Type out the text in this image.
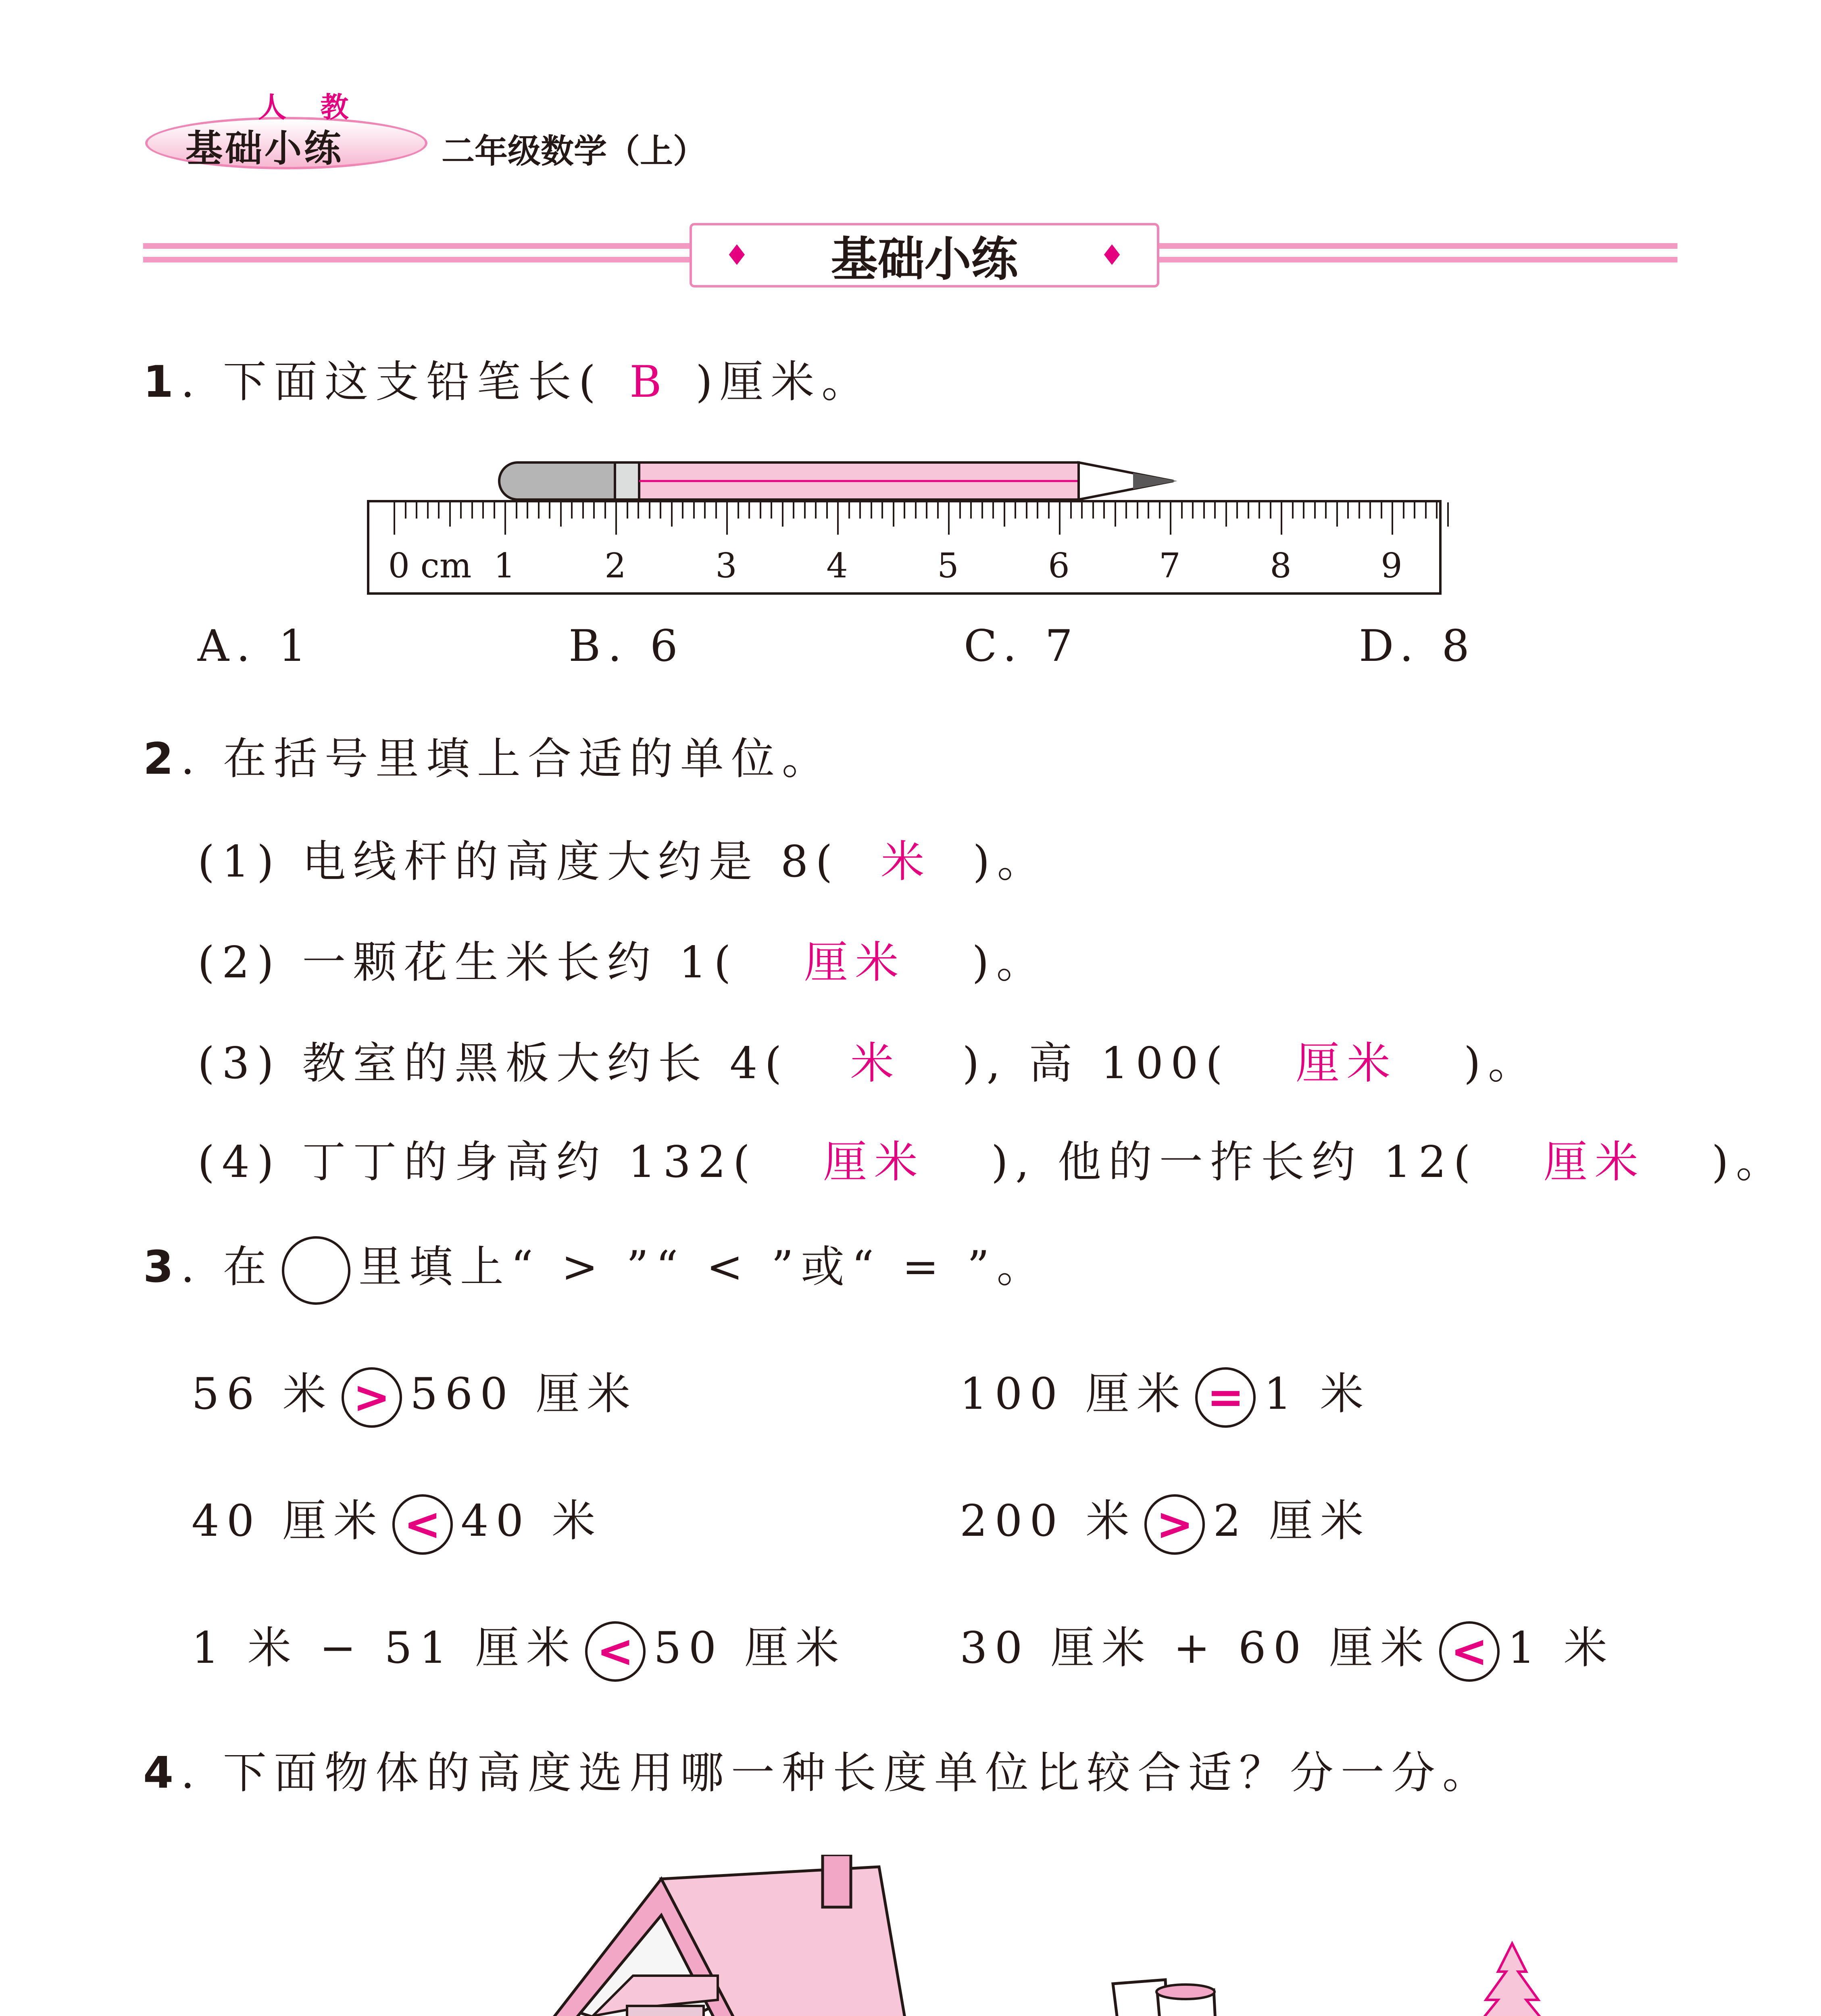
人 教
基础小练	二年级数学（上）
♦ 基础小练	♦
1. 下面这支铅笔长( B )厘米。
0 cm 1	2	3	4	5	6	7	8	9
A. 1	B. 6	C. 7	D. 8
2. 在括号里填上合适的单位。
(1) 电线杆的高度大约是 8( 米 )。
(2) 一颗花生米长约 1( 厘米 )。
(3) 教室的黑板大约长 4( 米 ), 高 100( 厘米 )。
(4) 丁丁的身高约 132( 厘米 ), 他的一拃长约 12( 厘米 )。
3. 在 里填上“ > ”“ < ”或“ = ”。
56 米 > 560 厘米	100 厘米 = 1 米
40 厘米 < 40 米	200 米 > 2 厘米
1 米 − 51 厘米 < 50 厘米	30 厘米 + 60 厘米 < 1 米
4. 下面物体的高度选用哪一种长度单位比较合适？分一分。
